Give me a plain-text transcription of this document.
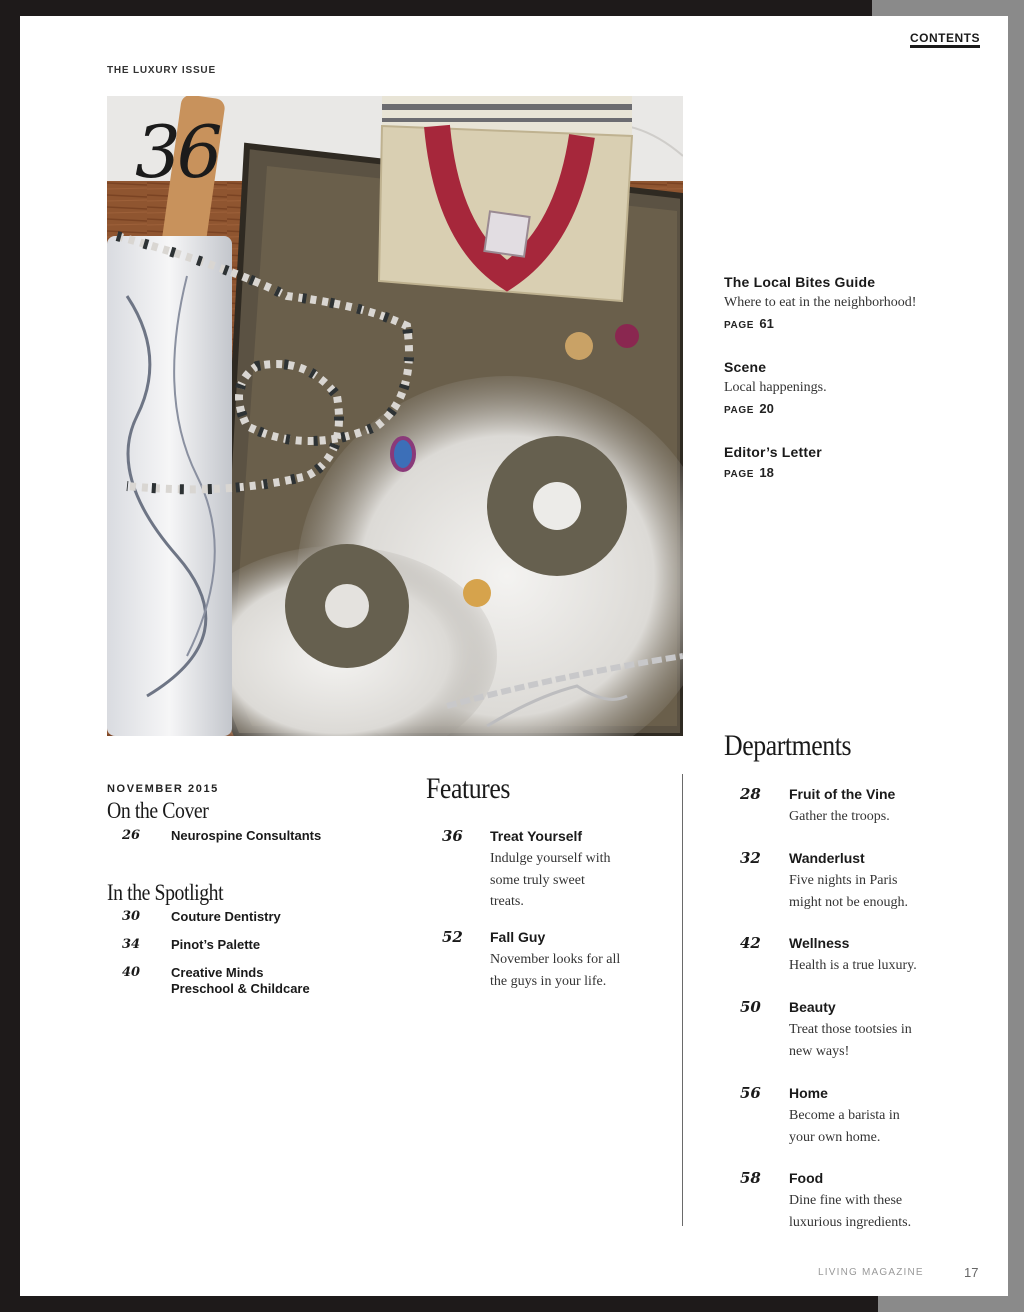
CONTENTS
THE LUXURY ISSUE
36
The Local Bites Guide
Where to eat in the neighborhood!
PAGE 61
Scene
Local happenings.
PAGE 20
Editor’s Letter
PAGE 18
NOVEMBER 2015
On the Cover
26 Neurospine Consultants
In the Spotlight
30 Couture Dentistry
34 Pinot’s Palette
40 Creative Minds
Preschool & Childcare
Features
36 Treat Yourself
Indulge yourself with
some truly sweet
treats.
52 Fall Guy
November looks for all
the guys in your life.
Departments
28 Fruit of the Vine
Gather the troops.
32 Wanderlust
Five nights in Paris
might not be enough.
42 Wellness
Health is a true luxury.
50 Beauty
Treat those tootsies in
new ways!
56 Home
Become a barista in
your own home.
58 Food
Dine fine with these
luxurious ingredients.
LIVING MAGAZINE	17
